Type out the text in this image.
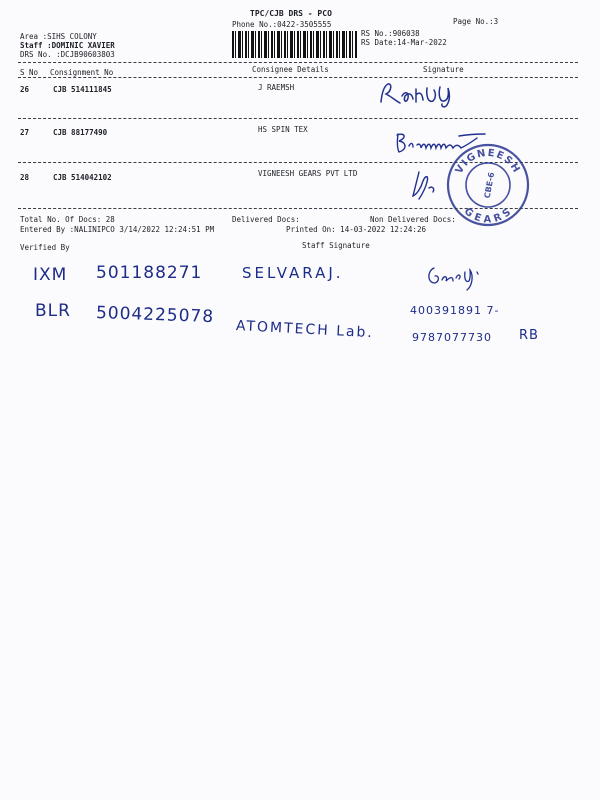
TPC/CJB DRS - PCO
Phone No.:0422-3505555	Page No.:3
Area :SIHS COLONY
Staff :DOMINIC XAVIER
DRS No. :DCJB90603803
RS No.:906038
RS Date:14-Mar-2022
S No Consignment No	Consignee Details	Signature
26	CJB 514111845	J RAEMSH
27	CJB 88177490	HS SPIN TEX
28	CJB 514042102	VIGNEESH GEARS PVT LTD	VIGNEESH
GEARS
CBE-6
Total No. Of Docs: 28	Delivered Docs:	Non Delivered Docs:
Entered By :NALINIPCO 3/14/2022 12:24:51 PM	Printed On: 14-03-2022 12:24:26
Verified By	Staff Signature
IXM 501188271	SELVARAJ.
BLR 5004225078
ATOMTECH Lab.
400391891 7-
9787077730 RB
